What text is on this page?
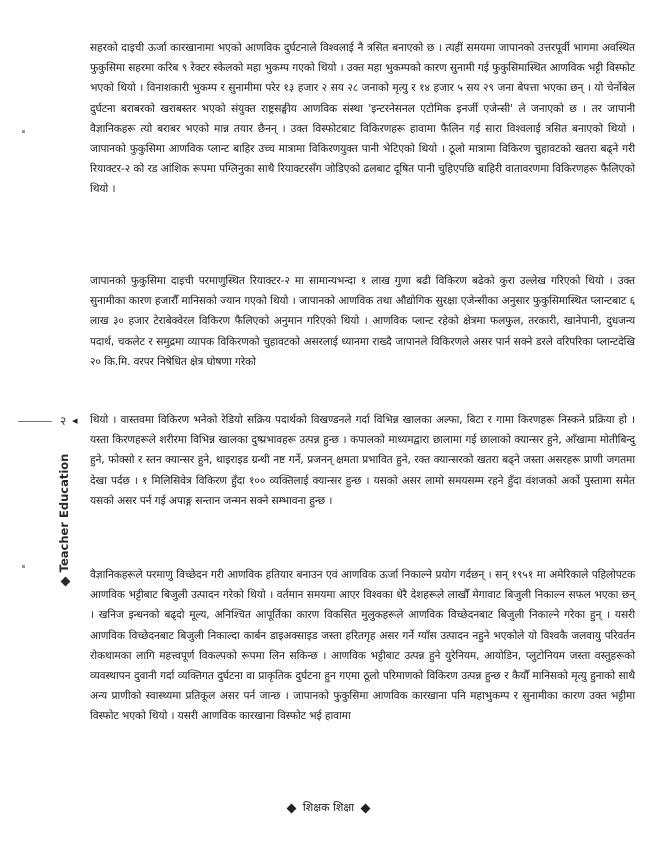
सहरको दाइची ऊर्जा कारखानामा भएको आणविक दुर्घटनाले विश्वलाई नै त्रसित बनाएको छ । त्यहीं समयमा जापानको उत्तरपूर्वी भागमा अवस्थित फुकुसिमा सहरमा करिब ९ रेक्टर स्केलको महा भुकम्प गएको थियो । उक्त महा भुकम्पको कारण सुनामी गई फुकुसिमास्थित आणविक भट्टी विस्फोट भएको थियो । विनाशकारी भुकम्प र सुनामीमा परेर १३ हजार २ सय २८ जनाको मृत्यु र १४ हजार ५ सय २९ जना बेपत्ता भएका छन् । यो चेर्नोबेल दुर्घटना बराबरको खराबस्तर भएको संयुक्त राष्ट्रसङ्घीय आणविक संस्था 'इन्टरनेसनल एटोमिक इनर्जी एजेन्सी' ले जनाएको छ । तर जापानी वैज्ञानिकहरू त्यो बराबर भएको मान्न तयार छैनन् । उक्त विस्फोटबाट विकिरणहरू हावामा फैलिन गई सारा विश्वलाई त्रसित बनाएको थियो । जापानको फुकुसिमा आणविक प्लान्ट बाहिर उच्च मात्रामा विकिरणयुक्त पानी भेटिएको थियो । ठूलो मात्रामा विकिरण चुहावटको खतरा बढ्ने गरी रियाक्टर-२ को रड आंशिक रूपमा पग्लिनुका साथै रियाक्टरसँग जोडिएको ढलबाट दूषित पानी चुहिएपछि बाहिरी वातावरणमा विकिरणहरू फैलिएको थियो ।

जापानको फुकुसिमा दाइची परमाणुस्थित रियाक्टर-२ मा सामान्यभन्दा १ लाख गुणा बढी विकिरण बढेको कुरा उल्लेख गरिएको थियो । उक्त सुनामीका कारण हजारौँ मानिसको ज्यान गएको थियो । जापानको आणविक तथा औद्योगिक सुरक्षा एजेन्सीका अनुसार फुकुसिमास्थित प्लान्टबाट ६ लाख ३० हजार टेराबेक्वेरल विकिरण फैलिएको अनुमान गरिएको थियो । आणविक प्लान्ट रहेको क्षेत्रमा फलफुल, तरकारी, खानेपानी, दुधजन्य पदार्थ, चकलेट र समुद्रमा व्यापक विकिरणको चुहावटको असरलाई ध्यानमा राख्दै जापानले विकिरणले असर पार्न सक्ने डरले वरिपरिका प्लान्टदेखि २० कि.मि. वरपर निषेधित क्षेत्र घोषणा गरेको

२ ◂ थियो । वास्तवमा विकिरण भनेको रेडियो सक्रिय पदार्थको विखण्डनले गर्दा विभिन्न खालका अल्फा, बिटा र गामा किरणहरू निस्कने प्रक्रिया हो । यस्ता किरणहरूले शरीरमा विभिन्न खालका दुष्प्रभावहरू उत्पन्न हुन्छ । कपालको माध्यमद्वारा छालामा गई छालाको क्यान्सर हुने, आँखामा मोतीबिन्दु हुने, फोक्सो र स्तन क्यान्सर हुने, थाइराइड ग्रन्थी नष्ट गर्ने, प्रजनन् क्षमता प्रभावित हुने, रक्त क्यान्सरको खतरा बढ्ने जस्ता असरहरू प्राणी जगतमा देखा पर्दछ । १ मिलिसिवेत्र विकिरण हुँदा १०० व्यक्तिलाई क्यान्सर हुन्छ । यसको असर लामो समयसम्म रहने हुँदा वंशजको अर्को पुस्तामा समेत यसको असर पर्न गई अपाङ्ग सन्तान जन्मन सक्ने सम्भावना हुन्छ ।

Teacher Education

वैज्ञानिकहरूले परमाणु विच्छेदन गरी आणविक हतियार बनाउन एवं आणविक ऊर्जा निकाल्ने प्रयोग गर्दछन् । सन् १९५१ मा अमेरिकाले पहिलोपटक आणविक भट्टीबाट बिजुली उत्पादन गरेको थियो । वर्तमान समयमा आएर विश्वका धेरै देशहरूले लाखौँ मेगावाट बिजुली निकाल्न सफल भएका छन् । खनिज इन्धनको बढ्दो मूल्य, अनिश्चित आपूर्तिका कारण विकसित मुलुकहरूले आणविक विच्छेदनबाट बिजुली निकाल्ने गरेका हुन् । यसरी आणविक विच्छेदनबाट बिजुली निकाल्दा कार्बन डाइअक्साइड जस्ता हरितगृह असर गर्ने ग्याँस उत्पादन नहुने भएकोले यो विश्वकै जलवायु परिवर्तन रोकथामका लागि महत्त्वपूर्ण विकल्पको रूपमा लिन सकिन्छ । आणविक भट्टीबाट उत्पन्न हुने युरेनियम, आयोडिन, प्लुटोनियम जस्ता वस्तुहरूको व्यवस्थापन दुवानी गर्दा व्यक्तिगत दुर्घटना वा प्राकृतिक दुर्घटना हुन गएमा ठूलो परिमाणको विकिरण उत्पन्न हुन्छ र कैयौँ मानिसको मृत्यु हुनाको साथै अन्य प्राणीको स्वास्थ्यमा प्रतिकूल असर पर्न जान्छ । जापानको फुकुसिमा आणविक कारखाना पनि महाभुकम्प र सुनामीका कारण उक्त भट्टीमा विस्फोट भएको थियो । यसरी आणविक कारखाना विस्फोट भई हावामा

शिक्षक शिक्षा
